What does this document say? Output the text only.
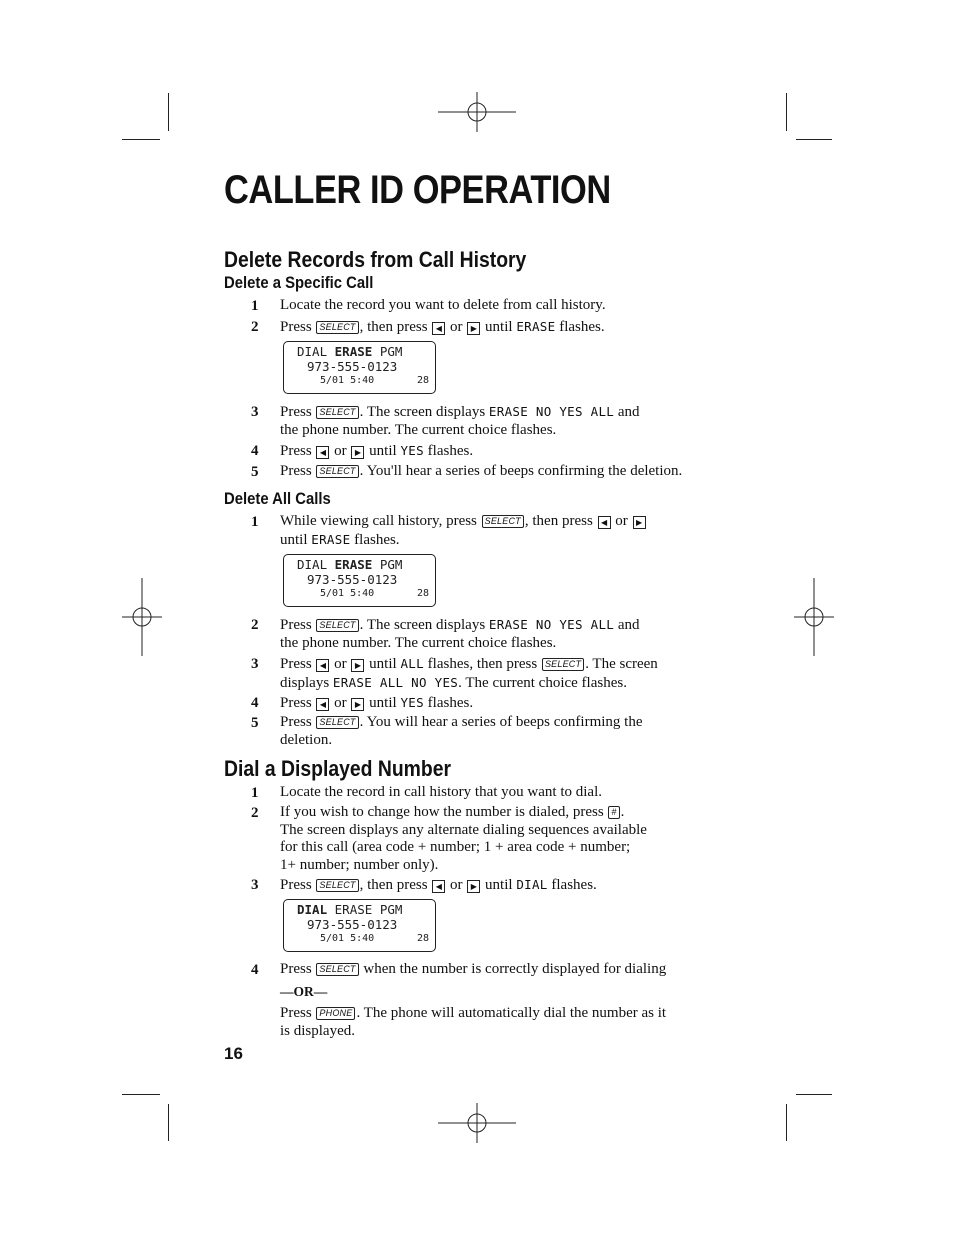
CALLER ID OPERATION
Delete Records from Call History
Delete a Specific Call
1	Locate the record you want to delete from call history.
2	Press SELECT , then press ◀ or ▶ until ERASE flashes.
DIAL ERASE PGM
973-555-0123
5/01 5:40	28
3	Press SELECT . The screen displays ERASE NO YES ALL and
the phone number. The current choice flashes.
4	Press ◀ or ▶ until YES flashes.
5	Press SELECT . You'll hear a series of beeps confirming the deletion.
Delete All Calls
1	While viewing call history, press SELECT , then press ◀ or ▶
until ERASE flashes.
DIAL ERASE PGM
973-555-0123
5/01 5:40	28
2	Press SELECT . The screen displays ERASE NO YES ALL and
the phone number. The current choice flashes.
3	Press ◀ or ▶ until ALL flashes, then press SELECT . The screen
displays ERASE ALL NO YES. The current choice flashes.
4	Press ◀ or ▶ until YES flashes.
5	Press SELECT . You will hear a series of beeps confirming the
deletion.
Dial a Displayed Number
1	Locate the record in call history that you want to dial.
2	If you wish to change how the number is dialed, press # .
The screen displays any alternate dialing sequences available
for this call (area code + number; 1 + area code + number;
1+ number; number only).
3	Press SELECT , then press ◀ or ▶ until DIAL flashes.
DIAL ERASE PGM
973-555-0123
5/01 5:40	28
4	Press SELECT when the number is correctly displayed for dialing
—OR—
Press PHONE . The phone will automatically dial the number as it
is displayed.
16
